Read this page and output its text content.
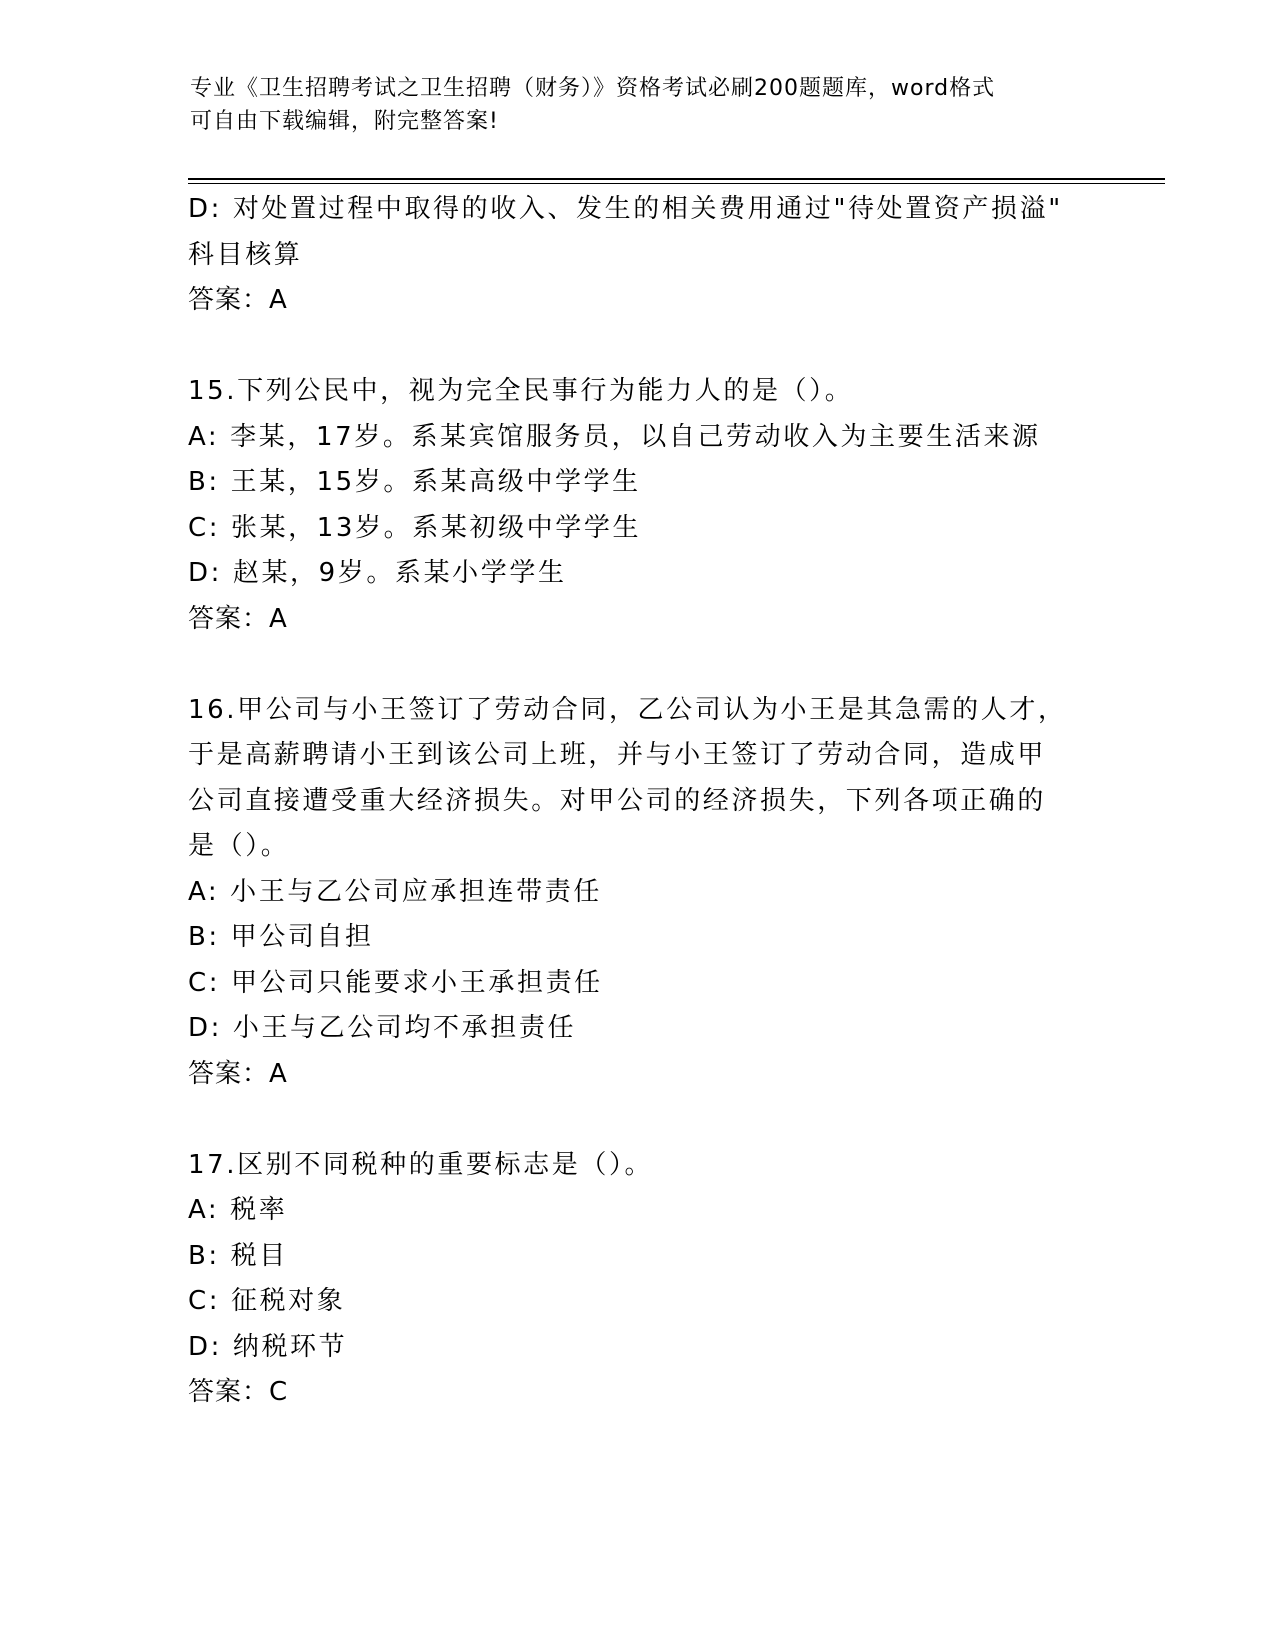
专业《卫生招聘考试之卫生招聘（财务）》资格考试必刷200题题库，word格式
可自由下载编辑，附完整答案!

D: 对处置过程中取得的收入、发生的相关费用通过"待处置资产损溢"

科目核算

答案：A

15.下列公民中，视为完全民事行为能力人的是（）。

A: 李某，17岁。系某宾馆服务员，以自己劳动收入为主要生活来源

B: 王某，15岁。系某高级中学学生

C: 张某，13岁。系某初级中学学生

D: 赵某，9岁。系某小学学生

答案：A

16.甲公司与小王签订了劳动合同，乙公司认为小王是其急需的人才，

于是高薪聘请小王到该公司上班，并与小王签订了劳动合同，造成甲

公司直接遭受重大经济损失。对甲公司的经济损失，下列各项正确的

是（）。

A: 小王与乙公司应承担连带责任

B: 甲公司自担

C: 甲公司只能要求小王承担责任

D: 小王与乙公司均不承担责任

答案：A

17.区别不同税种的重要标志是（）。

A: 税率

B: 税目

C: 征税对象

D: 纳税环节

答案：C
